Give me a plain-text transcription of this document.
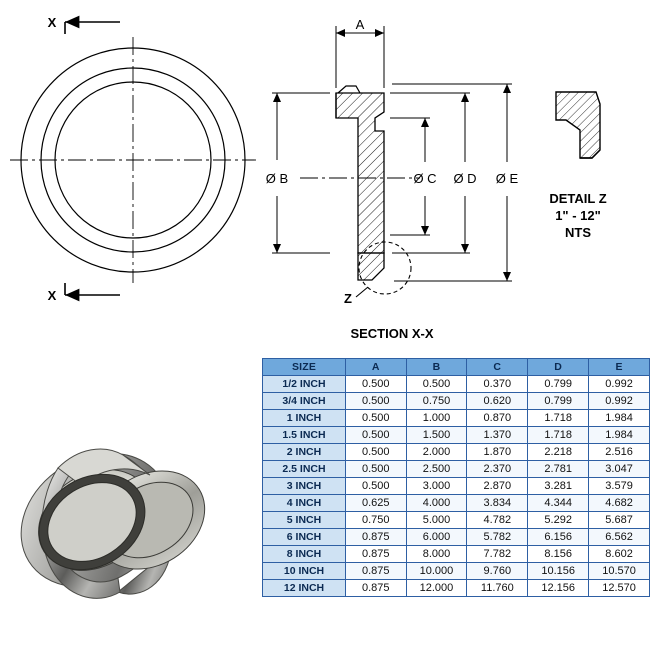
X
X	Z
A
Ø B	Ø C Ø D Ø E
SECTION X-X
DETAIL Z
1" - 12"
NTS
SIZE	A	B	C	D	E
1/2 INCH	0.500	0.500	0.370	0.799	0.992
3/4 INCH	0.500	0.750	0.620	0.799	0.992
1 INCH	0.500	1.000	0.870	1.718	1.984
1.5 INCH	0.500	1.500	1.370	1.718	1.984
2 INCH	0.500	2.000	1.870	2.218	2.516
2.5 INCH	0.500	2.500	2.370	2.781	3.047
3 INCH	0.500	3.000	2.870	3.281	3.579
4 INCH	0.625	4.000	3.834	4.344	4.682
5 INCH	0.750	5.000	4.782	5.292	5.687
6 INCH	0.875	6.000	5.782	6.156	6.562
8 INCH	0.875	8.000	7.782	8.156	8.602
10 INCH	0.875	10.000	9.760	10.156	10.570
12 INCH	0.875	12.000	11.760	12.156	12.570
